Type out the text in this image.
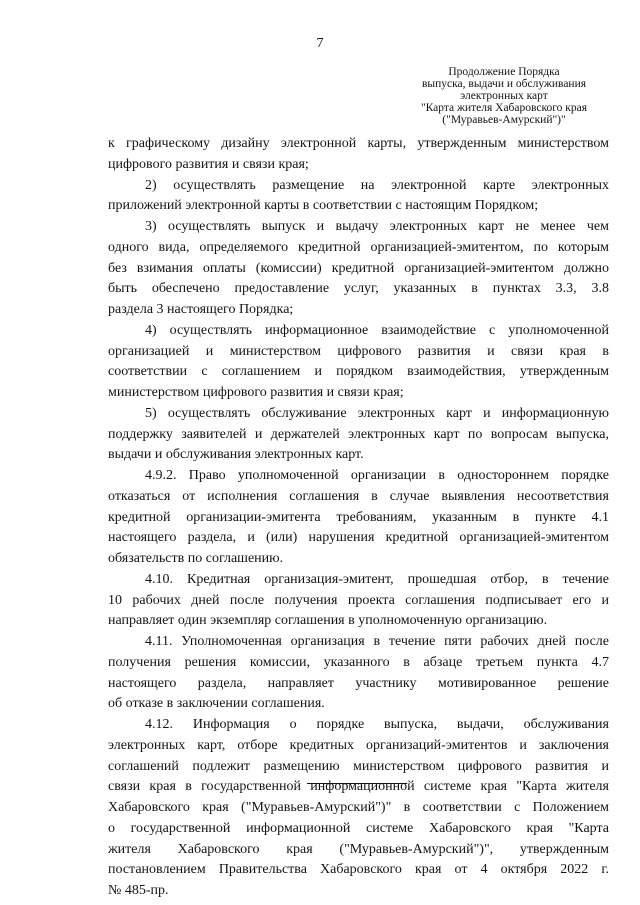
7
Продолжение Порядка
выпуска, выдачи и обслуживания
электронных карт
"Карта жителя Хабаровского края
("Муравьев-Амурский")"
к графическому дизайну электронной карты, утвержденным министерством
цифрового развития и связи края;
2) осуществлять размещение на электронной карте электронных
приложений электронной карты в соответствии с настоящим Порядком;
3) осуществлять выпуск и выдачу электронных карт не менее чем
одного вида, определяемого кредитной организацией-эмитентом, по которым
без взимания оплаты (комиссии) кредитной организацией-эмитентом должно
быть обеспечено предоставление услуг, указанных в пунктах 3.3, 3.8
раздела 3 настоящего Порядка;
4) осуществлять информационное взаимодействие с уполномоченной
организацией и министерством цифрового развития и связи края в
соответствии с соглашением и порядком взаимодействия, утвержденным
министерством цифрового развития и связи края;
5) осуществлять обслуживание электронных карт и информационную
поддержку заявителей и держателей электронных карт по вопросам выпуска,
выдачи и обслуживания электронных карт.
4.9.2. Право уполномоченной организации в одностороннем порядке
отказаться от исполнения соглашения в случае выявления несоответствия
кредитной организации-эмитента требованиям, указанным в пункте 4.1
настоящего раздела, и (или) нарушения кредитной организацией-эмитентом
обязательств по соглашению.
4.10. Кредитная организация-эмитент, прошедшая отбор, в течение
10 рабочих дней после получения проекта соглашения подписывает его и
направляет один экземпляр соглашения в уполномоченную организацию.
4.11. Уполномоченная организация в течение пяти рабочих дней после
получения решения комиссии, указанного в абзаце третьем пункта 4.7
настоящего раздела, направляет участнику мотивированное решение
об отказе в заключении соглашения.
4.12. Информация о порядке выпуска, выдачи, обслуживания
электронных карт, отборе кредитных организаций-эмитентов и заключения
соглашений подлежит размещению министерством цифрового развития и
связи края в государственной информационной системе края "Карта жителя
Хабаровского края ("Муравьев-Амурский")" в соответствии с Положением
о государственной информационной системе Хабаровского края "Карта
жителя Хабаровского края ("Муравьев-Амурский")", утвержденным
постановлением Правительства Хабаровского края от 4 октября 2022 г.
№ 485-пр.
